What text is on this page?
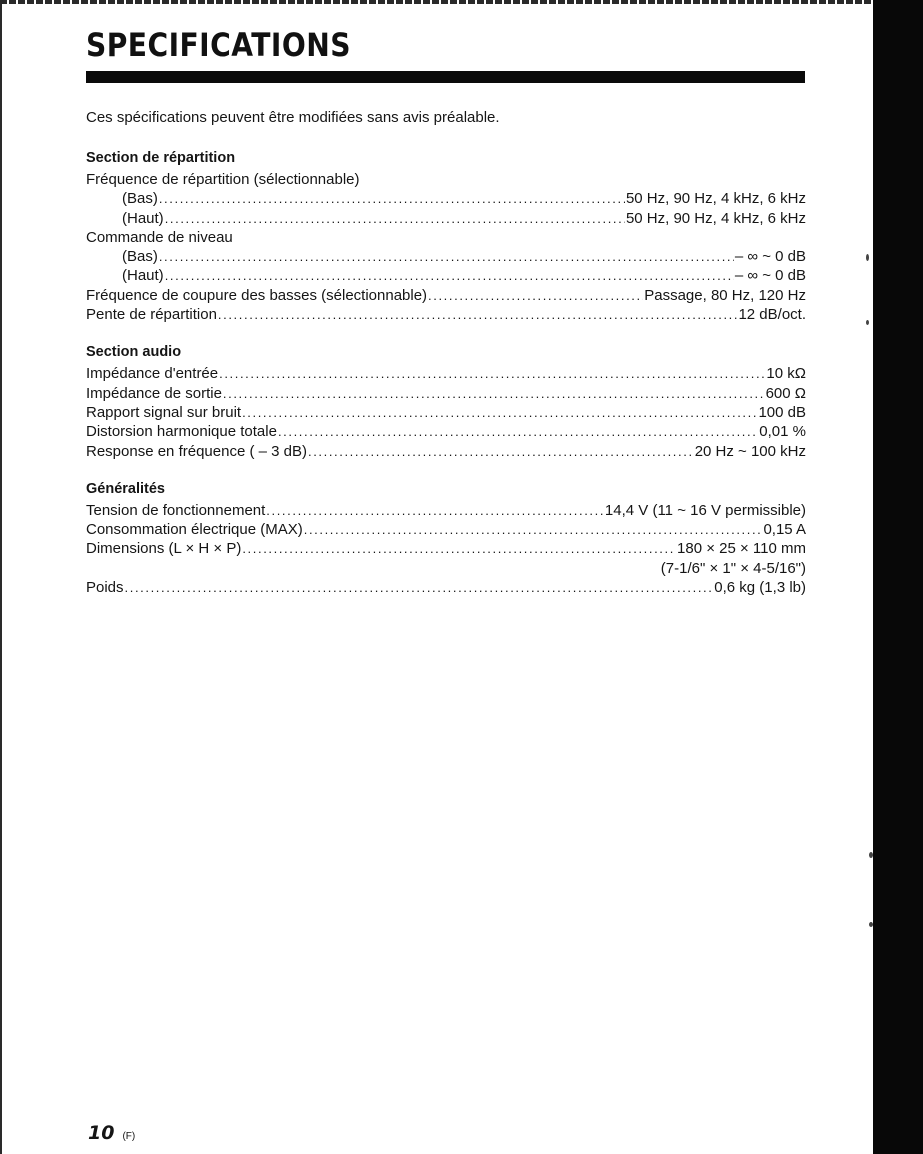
SPECIFICATIONS

Ces spécifications peuvent être modifiées sans avis préalable.

Section de répartition
Fréquence de répartition (sélectionnable)
(Bas) .....	50 Hz, 90 Hz, 4 kHz, 6 kHz
(Haut) .....	50 Hz, 90 Hz, 4 kHz, 6 kHz
Commande de niveau
(Bas) .....	– ∞ ~ 0 dB
(Haut) .....	– ∞ ~ 0 dB
Fréquence de coupure des basses (sélectionnable) .....	Passage, 80 Hz, 120 Hz
Pente de répartition .....	12 dB/oct.
Section audio
Impédance d'entrée .....	10 kΩ
Impédance de sortie .....	600 Ω
Rapport signal sur bruit .....	100 dB
Distorsion harmonique totale .....	0,01 %
Response en fréquence ( – 3 dB) .....	20 Hz ~ 100 kHz
Généralités
Tension de fonctionnement .....	14,4 V (11 ~ 16 V permissible)
Consommation électrique (MAX) .....	0,15 A
Dimensions (L × H × P) .....	180 × 25 × 110 mm
(7-1/6" × 1" × 4-5/16")
Poids .....	0,6 kg (1,3 lb)
10 (F)
